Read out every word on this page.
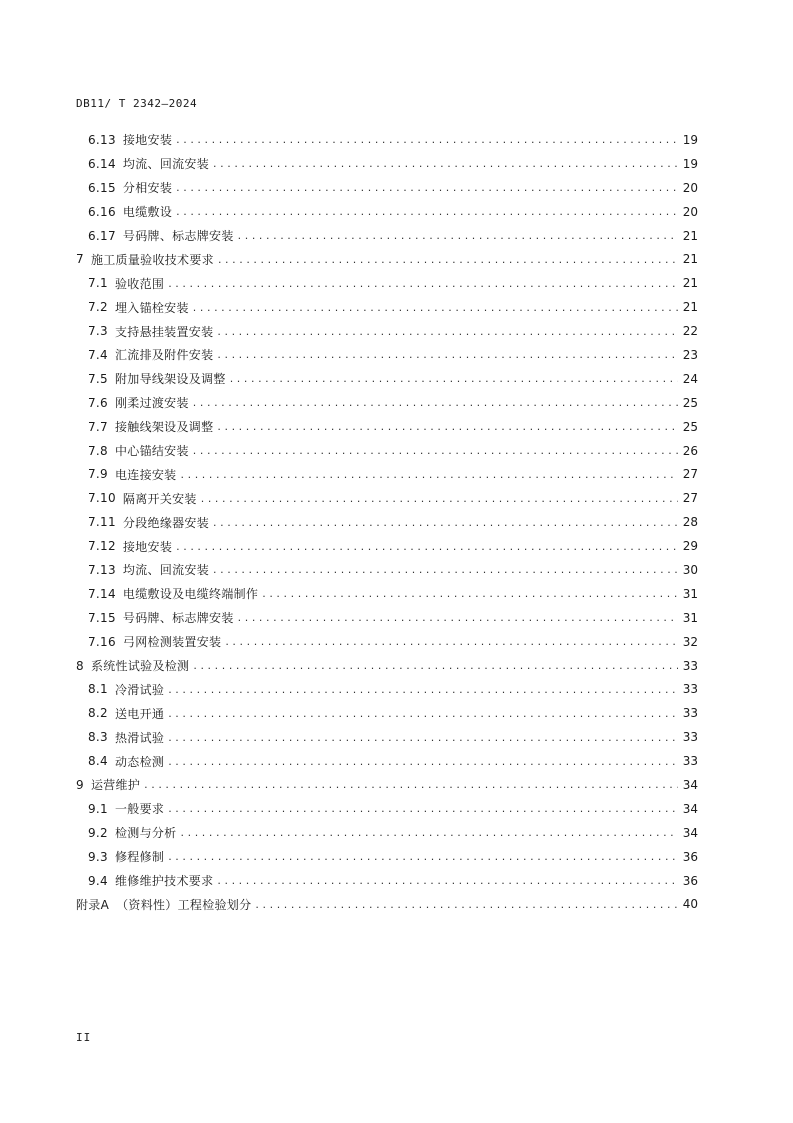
DB11/ T 2342—2024
6.13 接地安装 .....	19
6.14 均流、回流安装 .....	19
6.15 分相安装 .....	20
6.16 电缆敷设 .....	20
6.17 号码牌、标志牌安装 .....	21
7 施工质量验收技术要求 .....	21
7.1 验收范围 .....	21
7.2 埋入锚栓安装 .....	21
7.3 支持悬挂装置安装 .....	22
7.4 汇流排及附件安装 .....	23
7.5 附加导线架设及调整 .....	24
7.6 刚柔过渡安装 .....	25
7.7 接触线架设及调整 .....	25
7.8 中心锚结安装 .....	26
7.9 电连接安装 .....	27
7.10 隔离开关安装 .....	27
7.11 分段绝缘器安装 .....	28
7.12 接地安装 .....	29
7.13 均流、回流安装 .....	30
7.14 电缆敷设及电缆终端制作 .....	31
7.15 号码牌、标志牌安装 .....	31
7.16 弓网检测装置安装 .....	32
8 系统性试验及检测 .....	33
8.1 冷滑试验 .....	33
8.2 送电开通 .....	33
8.3 热滑试验 .....	33
8.4 动态检测 .....	33
9 运营维护 .....	34
9.1 一般要求 .....	34
9.2 检测与分析 .....	34
9.3 修程修制 .....	36
9.4 维修维护技术要求 .....	36
附录A （资料性）工程检验划分 .....	40
II
